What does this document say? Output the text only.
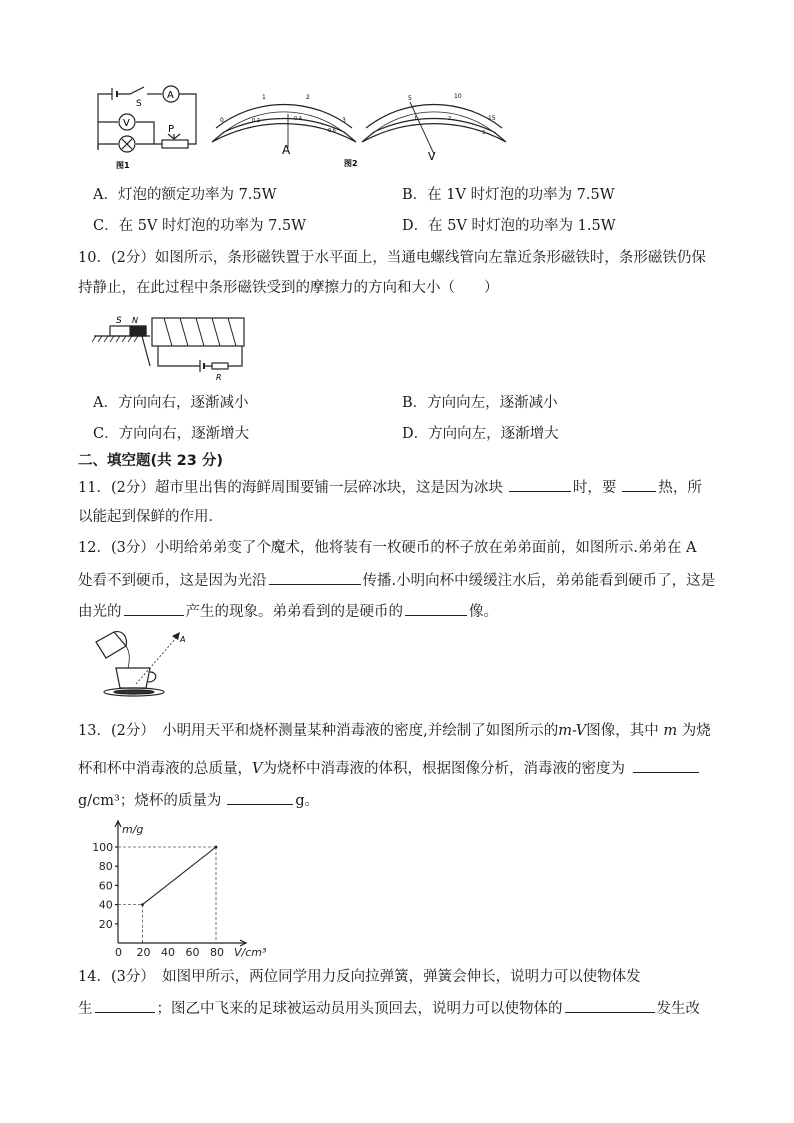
S
A
V
P
图1
0
1	2
3
0.2	0.4
0.6
A
5	10
15
1	2
3
V
图2
A．灯泡的额定功率为 7.5W	B．在 1V 时灯泡的功率为 7.5W
C．在 5V 时灯泡的功率为 7.5W	D．在 5V 时灯泡的功率为 1.5W
10．(2分）如图所示，条形磁铁置于水平面上，当通电螺线管向左靠近条形磁铁时，条形磁铁仍保
持静止，在此过程中条形磁铁受到的摩擦力的方向和大小（　　）
S N
R
A．方向向右，逐渐减小	B．方向向左，逐渐减小
C．方向向右，逐渐增大	D．方向向左，逐渐增大
二、填空题(共 23 分)
11．(2分）超市里出售的海鲜周围要铺一层碎冰块，这是因为冰块	时，要	热，所
以能起到保鲜的作用．
12．(3分）小明给弟弟变了个魔术，他将装有一枚硬币的杯子放在弟弟面前，如图所示.弟弟在 A
处看不到硬币，这是因为光沿	传播.小明向杯中缓缓注水后，弟弟能看到硬币了，这是
由光的	产生的现象。弟弟看到的是硬币的	像。
A
13．(2分）　小明用天平和烧杯测量某种消毒液的密度,并绘制了如图所示的m-V图像，其中 m 为烧
杯和杯中消毒液的总质量，V为烧杯中消毒液的体积，根据图像分析，消毒液的密度为
g/cm³；烧杯的质量为	g。
0 20 40 60 80
20
40
60
80
100
V/cm³
m/g
14．(3分）　如图甲所示，两位同学用力反向拉弹簧，弹簧会伸长，说明力可以使物体发
生	；图乙中飞来的足球被运动员用头顶回去，说明力可以使物体的	发生改
